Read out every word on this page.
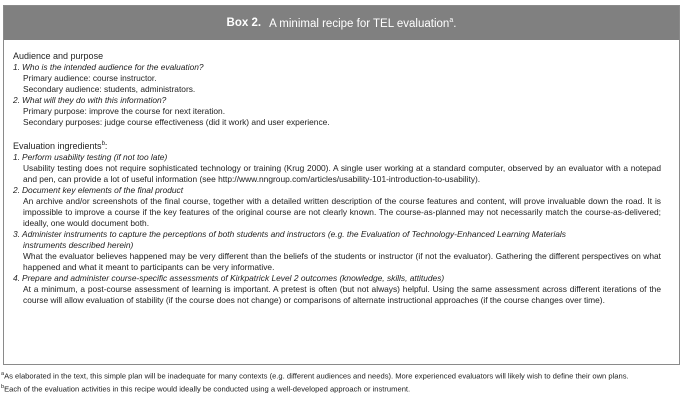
Box 2. A minimal recipe for TEL evaluation$^a$.
Audience and purpose
1. Who is the intended audience for the evaluation?
Primary audience: course instructor.
Secondary audience: students, administrators.
2. What will they do with this information?
Primary purpose: improve the course for next iteration.
Secondary purposes: judge course effectiveness (did it work) and user experience.
Evaluation ingredients$^b$:
1. Perform usability testing (if not too late)
Usability testing does not require sophisticated technology or training (Krug 2000). A single user working at a standard computer, observed by an evaluator with a notepad and pen, can provide a lot of useful information (see http://www.nngroup.com/articles/usability-101-introduction-to-usability).
2. Document key elements of the final product
An archive and/or screenshots of the final course, together with a detailed written description of the course features and content, will prove invaluable down the road. It is impossible to improve a course if the key features of the original course are not clearly known. The course-as-planned may not necessarily match the course-as-delivered; ideally, one would document both.
3. Administer instruments to capture the perceptions of both students and instructors (e.g. the Evaluation of Technology-Enhanced Learning Materials
instruments described herein)
What the evaluator believes happened may be very different than the beliefs of the students or instructor (if not the evaluator). Gathering the different perspectives on what happened and what it meant to participants can be very informative.
4. Prepare and administer course-specific assessments of Kirkpatrick Level 2 outcomes (knowledge, skills, attitudes)
At a minimum, a post-course assessment of learning is important. A pretest is often (but not always) helpful. Using the same assessment across different iterations of the course will allow evaluation of stability (if the course does not change) or comparisons of alternate instructional approaches (if the course changes over time).
$^a$As elaborated in the text, this simple plan will be inadequate for many contexts (e.g. different audiences and needs). More experienced evaluators will likely wish to define their own plans.
$^b$Each of the evaluation activities in this recipe would ideally be conducted using a well-developed approach or instrument.
